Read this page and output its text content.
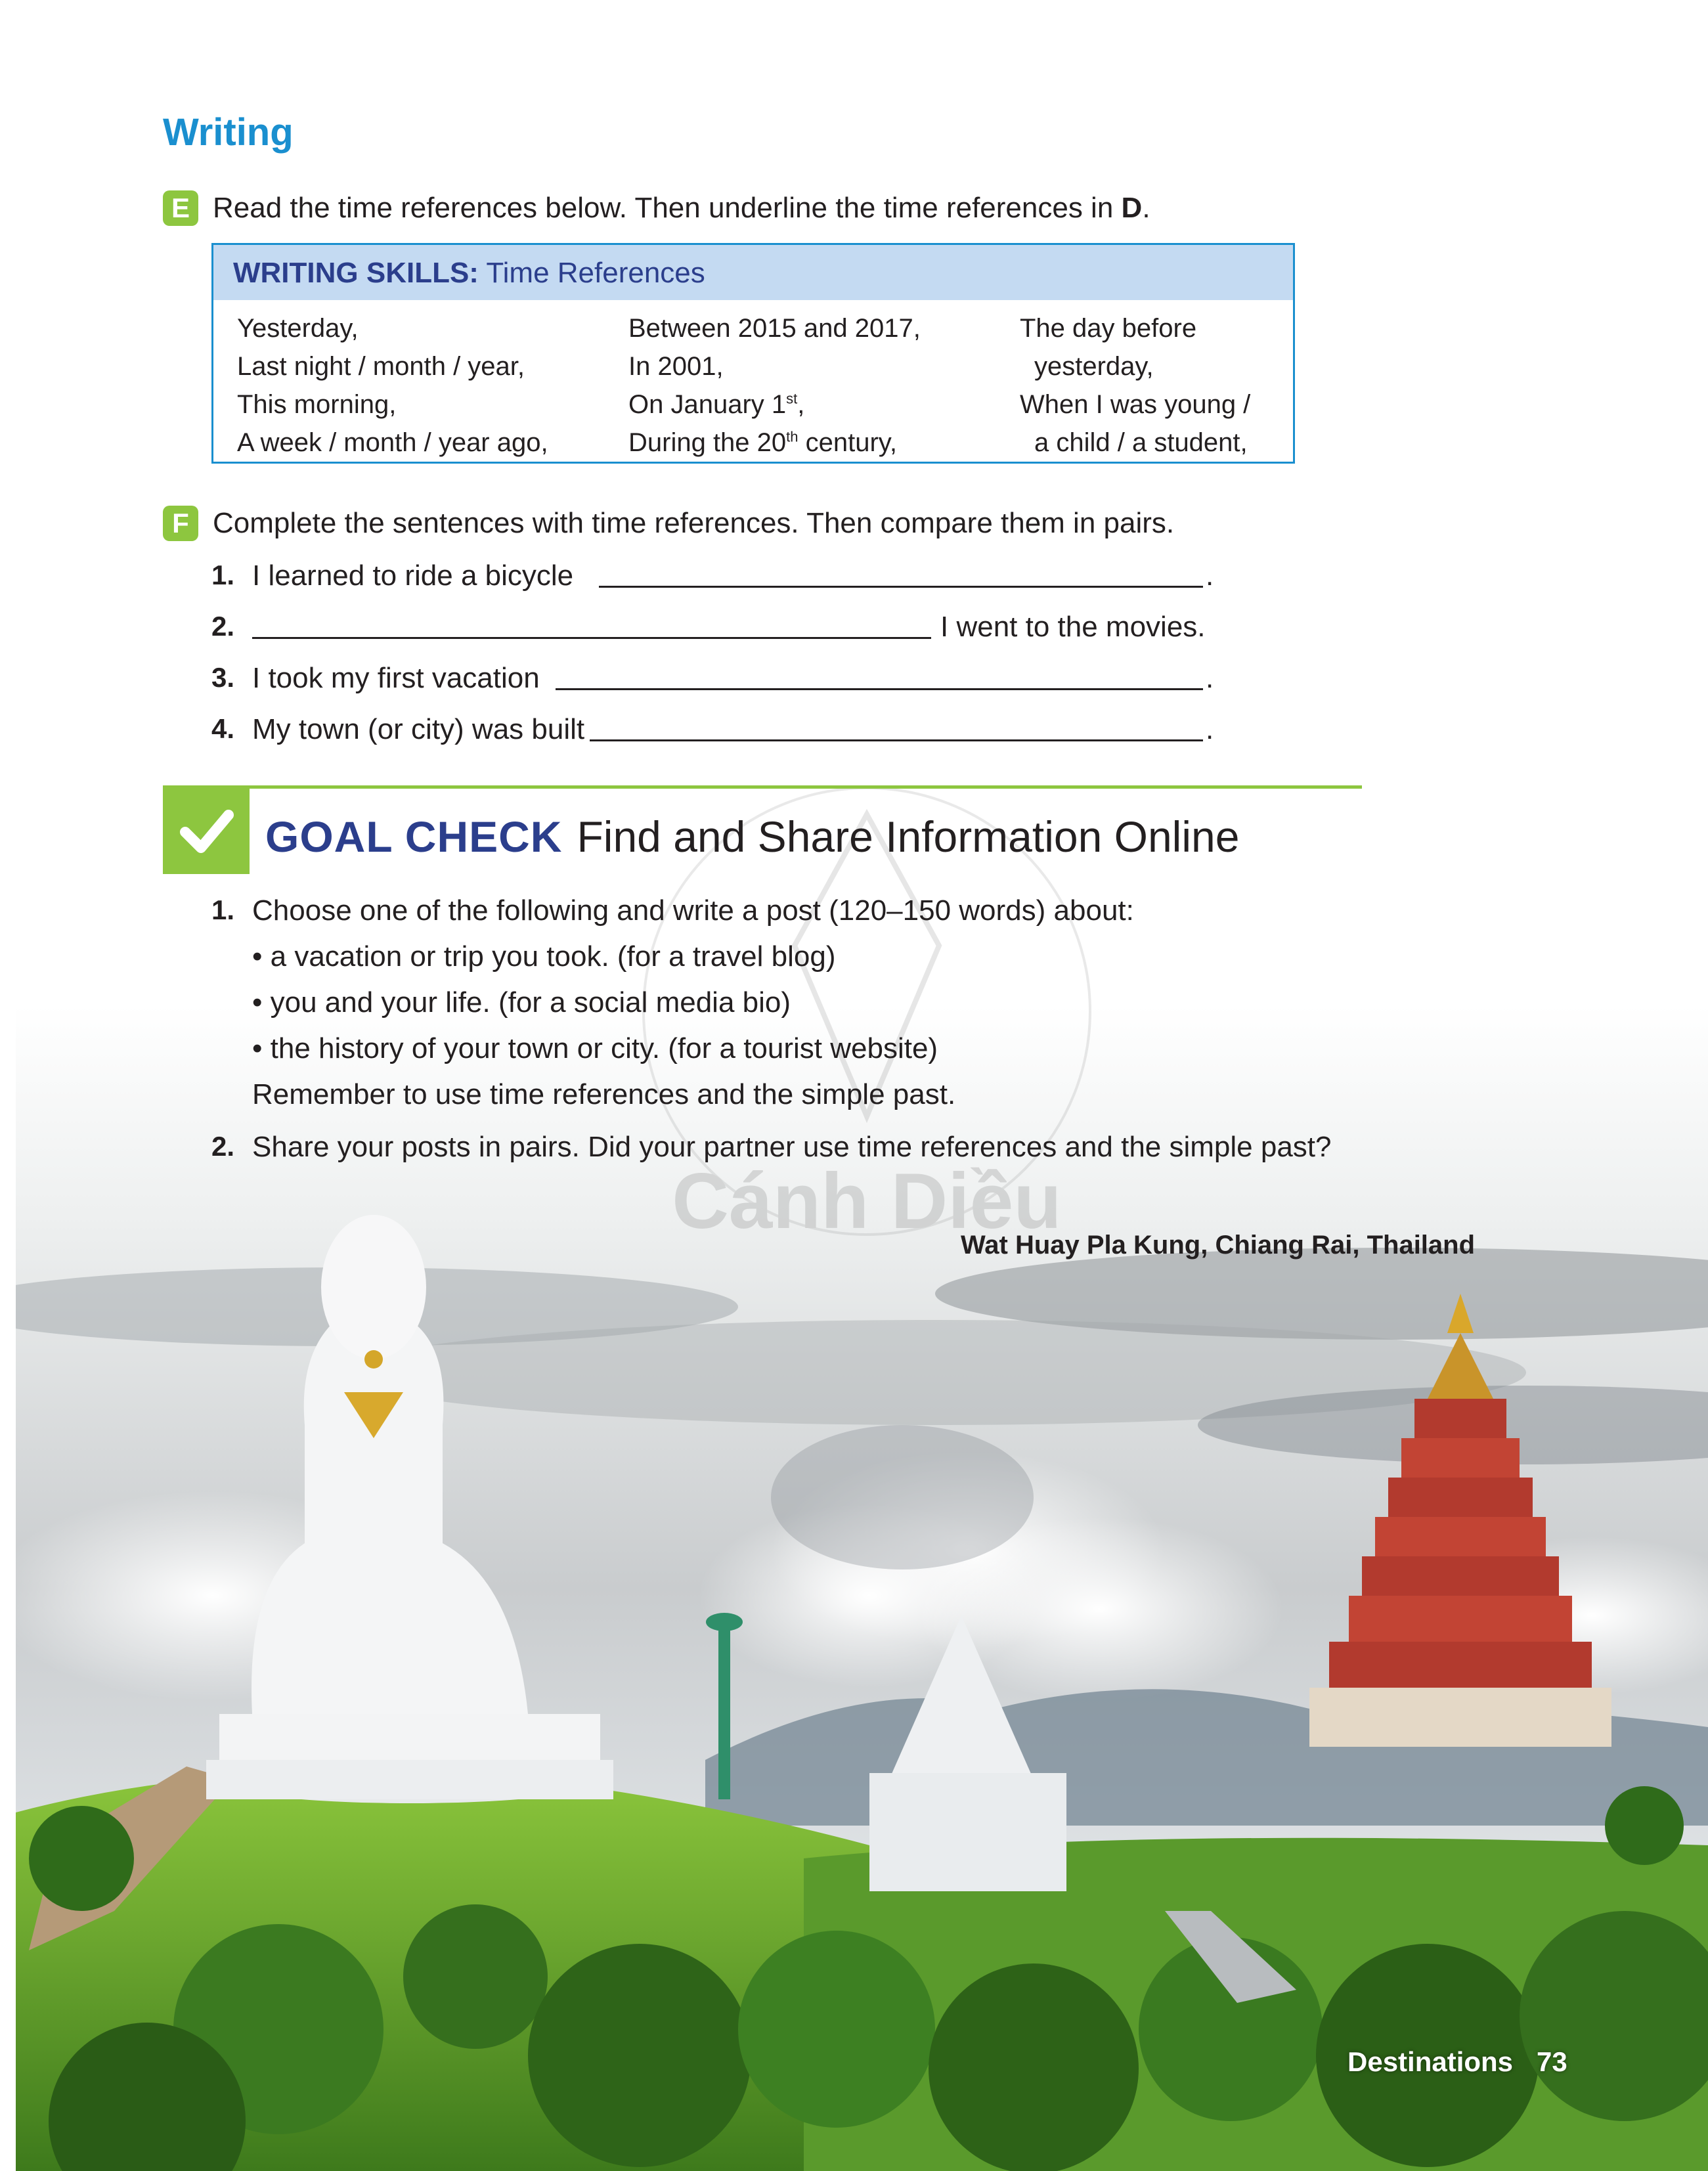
Cánh Diều
Writing
E Read the time references below. Then underline the time references in D.
WRITING SKILLS: Time References
Yesterday,
Last night / month / year,
This morning,
A week / month / year ago,
Between 2015 and 2017,
In 2001,
On January 1st,
During the 20th century,
The day before
yesterday,
When I was young /
a child / a student,
F Complete the sentences with time references. Then compare them in pairs.
1. I learned to ride a bicycle	.
2.	I went to the movies.
3. I took my first vacation	.
4. My town (or city) was built	.
GOAL CHECK Find and Share Information Online
1. Choose one of the following and write a post (120–150 words) about:
• a vacation or trip you took. (for a travel blog)
• you and your life. (for a social media bio)
• the history of your town or city. (for a tourist website)
Remember to use time references and the simple past.
2. Share your posts in pairs. Did your partner use time references and the simple past?
Wat Huay Pla Kung, Chiang Rai, Thailand
Destinations 73
